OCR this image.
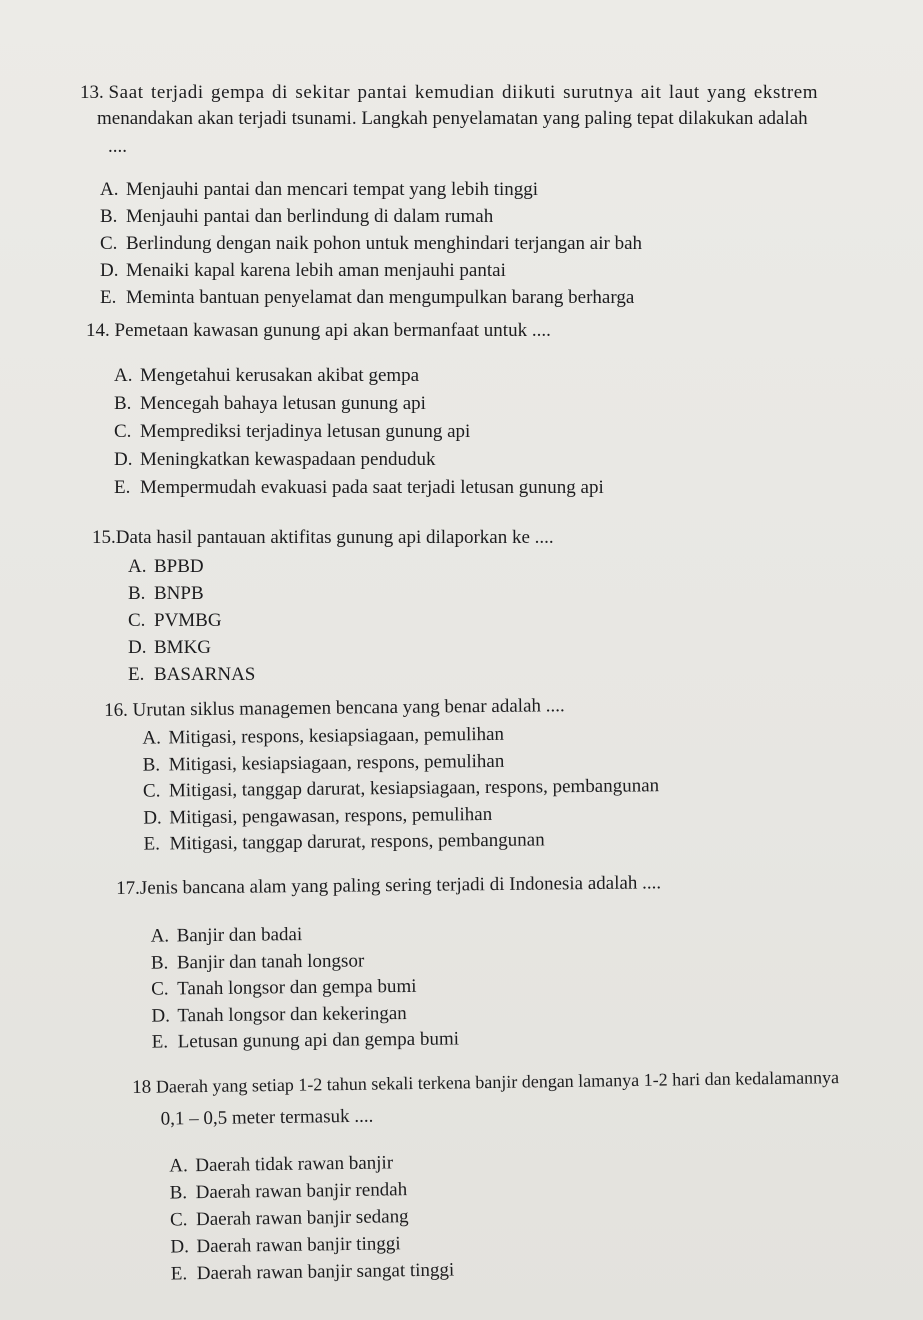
13. Saat terjadi gempa di sekitar pantai kemudian diikuti surutnya ait laut yang ekstrem
menandakan akan terjadi tsunami. Langkah penyelamatan yang paling tepat dilakukan adalah
....
A. Menjauhi pantai dan mencari tempat yang lebih tinggi
B. Menjauhi pantai dan berlindung di dalam rumah
C. Berlindung dengan naik pohon untuk menghindari terjangan air bah
D. Menaiki kapal karena lebih aman menjauhi pantai
E. Meminta bantuan penyelamat dan mengumpulkan barang berharga
14. Pemetaan kawasan gunung api akan bermanfaat untuk ....
A. Mengetahui kerusakan akibat gempa
B. Mencegah bahaya letusan gunung api
C. Memprediksi terjadinya letusan gunung api
D. Meningkatkan kewaspadaan penduduk
E. Mempermudah evakuasi pada saat terjadi letusan gunung api
15.Data hasil pantauan aktifitas gunung api dilaporkan ke ....
A. BPBD
B. BNPB
C. PVMBG
D. BMKG
E. BASARNAS
16. Urutan siklus managemen bencana yang benar adalah ....
A. Mitigasi, respons, kesiapsiagaan, pemulihan
B. Mitigasi, kesiapsiagaan, respons, pemulihan
C. Mitigasi, tanggap darurat, kesiapsiagaan, respons, pembangunan
D. Mitigasi, pengawasan, respons, pemulihan
E. Mitigasi, tanggap darurat, respons, pembangunan
17.Jenis bancana alam yang paling sering terjadi di Indonesia adalah ....
A. Banjir dan badai
B. Banjir dan tanah longsor
C. Tanah longsor dan gempa bumi
D. Tanah longsor dan kekeringan
E. Letusan gunung api dan gempa bumi
18 Daerah yang setiap 1-2 tahun sekali terkena banjir dengan lamanya 1-2 hari dan kedalamannya
0,1 – 0,5 meter termasuk ....
A. Daerah tidak rawan banjir
B. Daerah rawan banjir rendah
C. Daerah rawan banjir sedang
D. Daerah rawan banjir tinggi
E. Daerah rawan banjir sangat tinggi
